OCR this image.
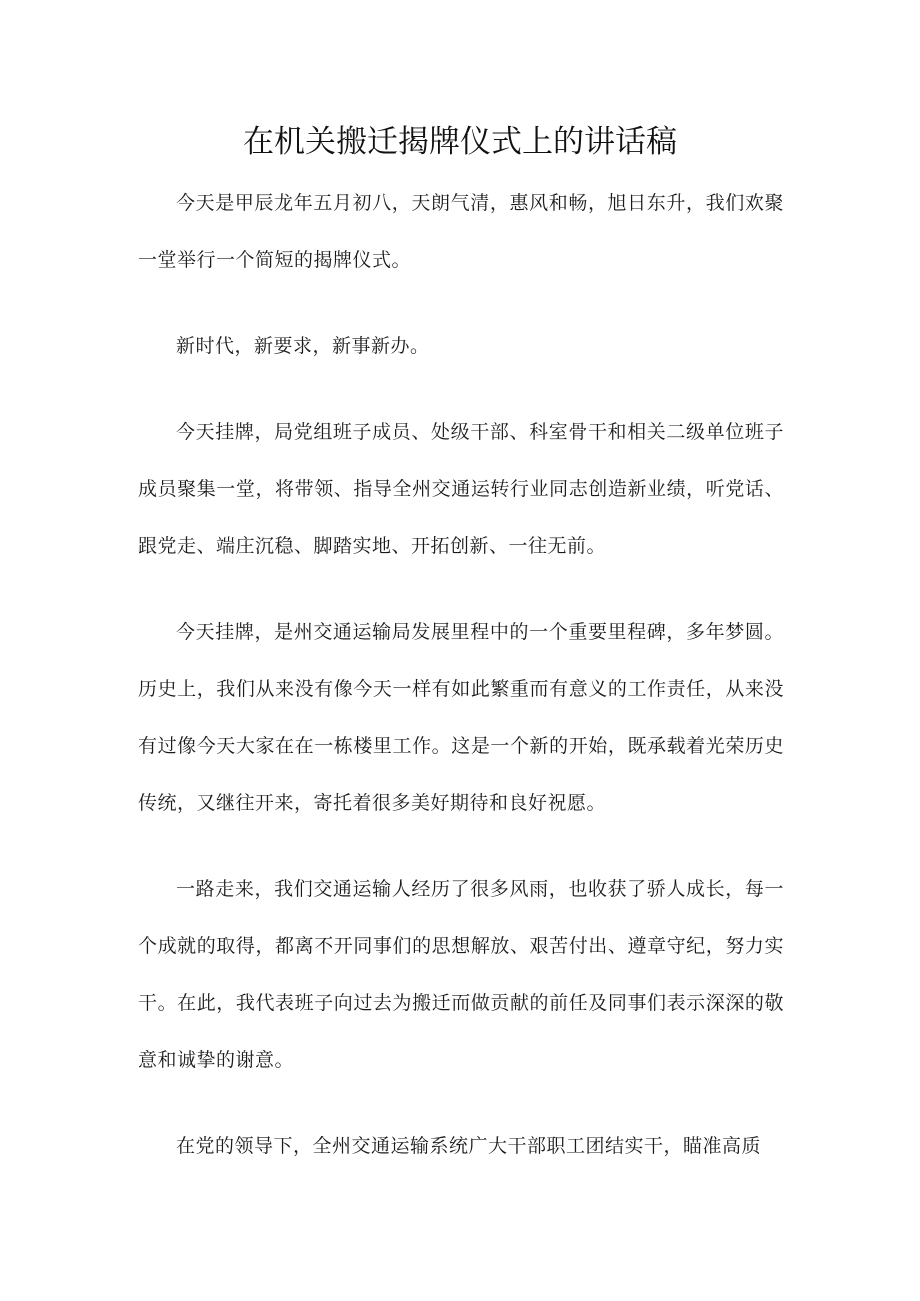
在机关搬迁揭牌仪式上的讲话稿

今天是甲辰龙年五月初八，天朗气清，惠风和畅，旭日东升，我们欢聚一堂举行一个简短的揭牌仪式。

新时代，新要求，新事新办。

今天挂牌，局党组班子成员、处级干部、科室骨干和相关二级单位班子成员聚集一堂，将带领、指导全州交通运转行业同志创造新业绩，听党话、跟党走、端庄沉稳、脚踏实地、开拓创新、一往无前。

今天挂牌，是州交通运输局发展里程中的一个重要里程碑，多年梦圆。历史上，我们从来没有像今天一样有如此繁重而有意义的工作责任，从来没有过像今天大家在在一栋楼里工作。这是一个新的开始，既承载着光荣历史传统，又继往开来，寄托着很多美好期待和良好祝愿。

一路走来，我们交通运输人经历了很多风雨，也收获了骄人成长，每一个成就的取得，都离不开同事们的思想解放、艰苦付出、遵章守纪，努力实干。在此，我代表班子向过去为搬迁而做贡献的前任及同事们表示深深的敬意和诚挚的谢意。

在党的领导下，全州交通运输系统广大干部职工团结实干，瞄准高质
